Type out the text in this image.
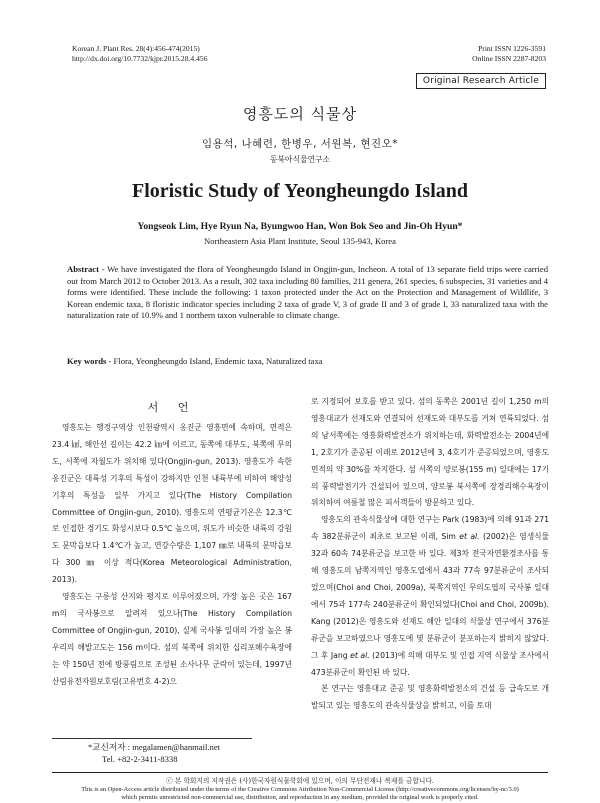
Korean J. Plant Res. 28(4):456-474(2015)
http://dx.doi.org/10.7732/kjpr.2015.28.4.456
Print ISSN 1226-3591
Online ISSN 2287-8203
Original Research Article
영흥도의 식물상
임용석, 나혜련, 한병우, 서원복, 현진오*
동북아식물연구소
Floristic Study of Yeongheungdo Island
Yongseok Lim, Hye Ryun Na, Byungwoo Han, Won Bok Seo and Jin-Oh Hyun*
Northeastern Asia Plant Institute, Seoul 135-943, Korea
Abstract - We have investigated the flora of Yeongheungdo Island in Ongjin-gun, Incheon. A total of 13 separate field trips were carried out from March 2012 to October 2013. As a result, 302 taxa including 80 families, 211 genera, 261 species, 6 subspecies, 31 varieties and 4 forms were identified. These include the following: 1 taxon protected under the Act on the Protection and Management of Wildlife, 3 Korean endemic taxa, 8 floristic indicator species including 2 taxa of grade V, 3 of grade II and 3 of grade I, 33 naturalized taxa with the naturalization rate of 10.9% and 1 northern taxon vulnerable to climate change.
Key words - Flora, Yeongheungdo Island, Endemic taxa, Naturalized taxa
서 언

영흥도는 행정구역상 인천광역시 옹진군 영흥면에 속하며, 면적은 23.4 ㎢, 해안선 길이는 42.2 ㎞에 이르고, 동쪽에 대부도, 북쪽에 무의도, 서쪽에 자월도가 위치해 있다(Ongjin-gun, 2013). 영흥도가 속한 옹진군은 대륙성 기후의 특성이 강하지만 인천 내륙부에 비하여 해양성 기후의 특성을 일부 가지고 있다(The History Compilation Committee of Ongjin-gun, 2010). 영흥도의 연평균기온은 12.3℃로 인접한 경기도 화성시보다 0.5℃ 높으며, 위도가 비슷한 내륙의 강원도 문막읍보다 1.4℃가 높고, 연강수량은 1,107 ㎜로 내륙의 문막읍보다 300 ㎜ 이상 적다(Korea Meteorological Administration, 2013).

영흥도는 구릉성 산지와 평지로 이루어졌으며, 가장 높은 곳은 167 m의 국사봉으로 알려져 있으나(The History Compilation Committee of Ongjin-gun, 2010), 실제 국사봉 일대의 가장 높은 봉우리의 해발고도는 156 m이다. 섬의 북쪽에 위치한 십리포해수욕장에는 약 150년 전에 방풍림으로 조성된 소사나무 군락이 있는데, 1997년 산림유전자원보호림(고유번호 4-2)으

로 지정되어 보호를 받고 있다. 섬의 동쪽은 2001년 길이 1,250 m의 영흥대교가 선재도와 연결되어 선재도와 대부도를 거쳐 연륙되었다. 섬의 남서쪽에는 영흥화력발전소가 위치하는데, 화력발전소는 2004년에 1, 2호기가 준공된 이래로 2012년에 3, 4호기가 준공되었으며, 영흥도 면적의 약 30%를 차지한다. 섬 서쪽의 양로봉(155 m) 일대에는 17기의 풍력발전기가 건설되어 있으며, 양로봉 북서쪽에 장경리해수욕장이 위치하여 여름철 많은 피서객들이 방문하고 있다.

영흥도의 관속식물상에 대한 연구는 Park (1983)에 의해 91과 271속 382분류군이 최초로 보고된 이래, Sim et al. (2002)은 염생식물 32과 60속 74분류군을 보고한 바 있다. 제3차 전국자연환경조사를 통해 영흥도의 남쪽지역인 영흥도엽에서 43과 77속 97분류군이 조사되었으며(Choi and Choi, 2009a), 북쪽지역인 무의도엽의 국사봉 일대에서 75과 177속 240분류군이 확인되었다(Choi and Choi, 2009b). Kang (2012)은 영흥도와 선재도 해안 일대의 식물상 연구에서 376분류군을 보고하였으나 영흥도에 몇 분류군이 분포하는지 밝히지 않았다. 그 후 Jang et al. (2013)에 의해 대부도 및 인접 지역 식물상 조사에서 473분류군이 확인된 바 있다.

본 연구는 영흥대교 준공 및 영흥화력발전소의 건설 등 급속도로 개발되고 있는 영흥도의 관속식물상을 밝히고, 이를 토대

*교신저자 : megalamen@hanmail.net
Tel. +82-2-3411-8338
ⓒ 본 학회지의 저작권은 (사)한국자원식물학회에 있으며, 이의 무단전재나 복제를 금합니다.
This is an Open-Access article distributed under the terms of the Creative Commons Attribution Non-Commercial License (http://creativecommons.org/licenses/by-nc/3.0)
which permits unrestricted non-commercial use, distribution, and reproduction in any medium, provided the original work is properly cited.
